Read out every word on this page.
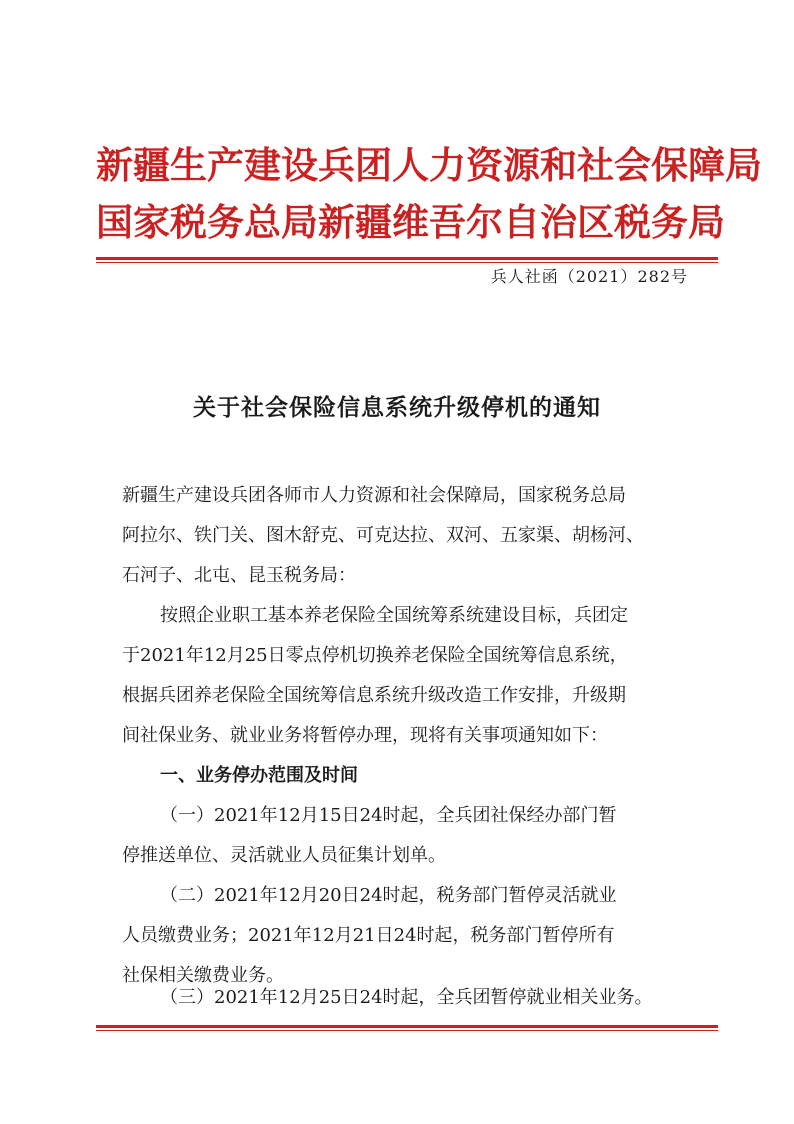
新疆生产建设兵团人力资源和社会保障局
国家税务总局新疆维吾尔自治区税务局
兵人社函（2021）282号
关于社会保险信息系统升级停机的通知
新疆生产建设兵团各师市人力资源和社会保障局，国家税务总局
阿拉尔、铁门关、图木舒克、可克达拉、双河、五家渠、胡杨河、
石河子、北屯、昆玉税务局：
按照企业职工基本养老保险全国统筹系统建设目标，兵团定
于2021年12月25日零点停机切换养老保险全国统筹信息系统，
根据兵团养老保险全国统筹信息系统升级改造工作安排，升级期
间社保业务、就业业务将暂停办理，现将有关事项通知如下：
一、业务停办范围及时间
（一）2021年12月15日24时起，全兵团社保经办部门暂
停推送单位、灵活就业人员征集计划单。
（二）2021年12月20日24时起，税务部门暂停灵活就业
人员缴费业务；2021年12月21日24时起，税务部门暂停所有
社保相关缴费业务。
（三）2021年12月25日24时起，全兵团暂停就业相关业务。
